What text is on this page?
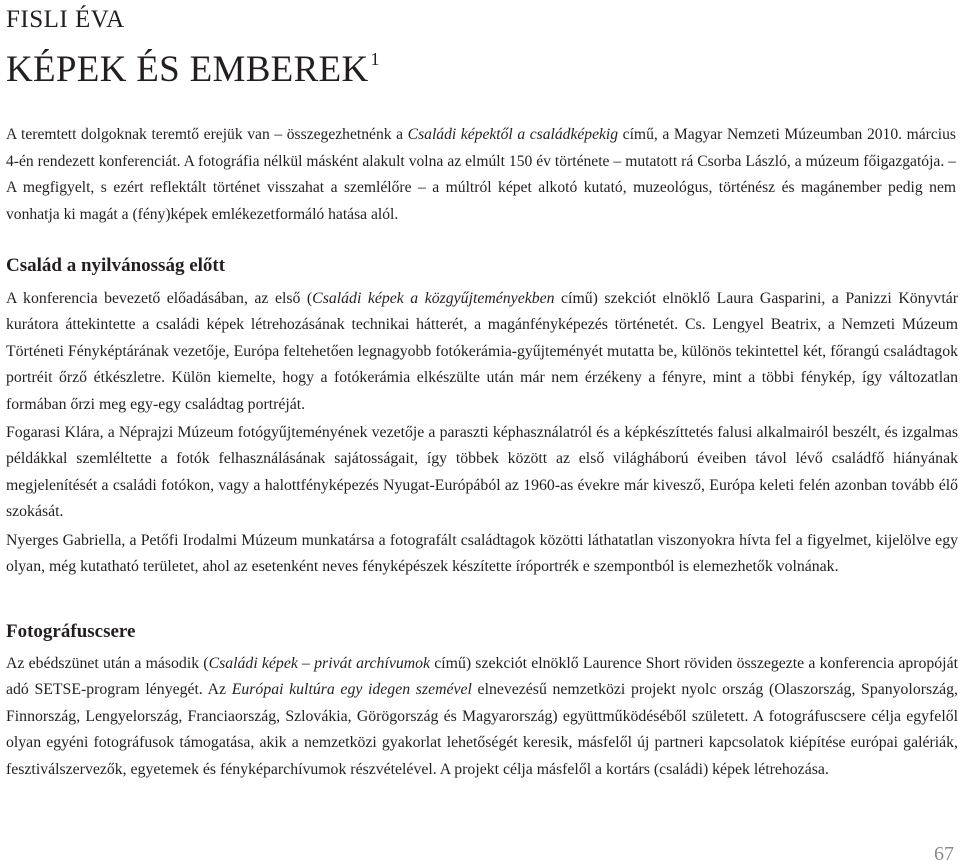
FISLI ÉVA
KÉPEK ÉS EMBEREK $^1$

A teremtett dolgoknak teremtő erejük van – összegezhetnénk a Családi képektől a családképekig című, a Magyar Nemzeti Múzeumban 2010. március 4-én rendezett konferenciát. A fotográfia nélkül másként alakult volna az elmúlt 150 év története – mutatott rá Csorba László, a múzeum főigazgatója. – A megfigyelt, s ezért reflektált történet visszahat a szemlélőre – a múltról képet alkotó kutató, muzeológus, történész és magánember pedig nem vonhatja ki magát a (fény)képek emlékezetformáló hatása alól.

Család a nyilvánosság előtt

A konferencia bevezető előadásában, az első (Családi képek a közgyűjteményekben című) szekciót elnöklő Laura Gasparini, a Panizzi Könyvtár kurátora áttekintette a családi képek létrehozásának technikai hátterét, a magánfényképezés történetét. Cs. Lengyel Beatrix, a Nemzeti Múzeum Történeti Fényképtárának vezetője, Európa feltehetően legnagyobb fotókerámia-gyűjteményét mutatta be, különös tekintettel két, főrangú családtagok portréit őrző étkészletre. Külön kiemelte, hogy a fotókerámia elkészülte után már nem érzékeny a fényre, mint a többi fénykép, így változatlan formában őrzi meg egy-egy családtag portréját.

Fogarasi Klára, a Néprajzi Múzeum fotógyűjteményének vezetője a paraszti képhasználatról és a képkészíttetés falusi alkalmairól beszélt, és izgalmas példákkal szemléltette a fotók felhasználásának sajátosságait, így többek között az első világháború éveiben távol lévő családfő hiányának megjelenítését a családi fotókon, vagy a halottfényképezés Nyugat-Európából az 1960-as évekre már kivesző, Európa keleti felén azonban tovább élő szokását.

Nyerges Gabriella, a Petőfi Irodalmi Múzeum munkatársa a fotografált családtagok közötti láthatatlan viszonyokra hívta fel a figyelmet, kijelölve egy olyan, még kutatható területet, ahol az esetenként neves fényképészek készítette íróportrék e szempontból is elemezhetők volnának.

Fotográfuscsere

Az ebédszünet után a második (Családi képek – privát archívumok című) szekciót elnöklő Laurence Short röviden összegezte a konferencia apropóját adó SETSE-program lényegét. Az Európai kultúra egy idegen szemével elnevezésű nemzetközi projekt nyolc ország (Olaszország, Spanyolország, Finnország, Lengyelország, Franciaország, Szlovákia, Görögország és Magyarország) együttműködéséből született. A fotográfuscsere célja egyfelől olyan egyéni fotográfusok támogatása, akik a nemzetközi gyakorlat lehetőségét keresik, másfelől új partneri kapcsolatok kiépítése európai galériák, fesztiválszervezők, egyetemek és fényképarchívumok részvételével. A projekt célja másfelől a kortárs (családi) képek létrehozása.

67
